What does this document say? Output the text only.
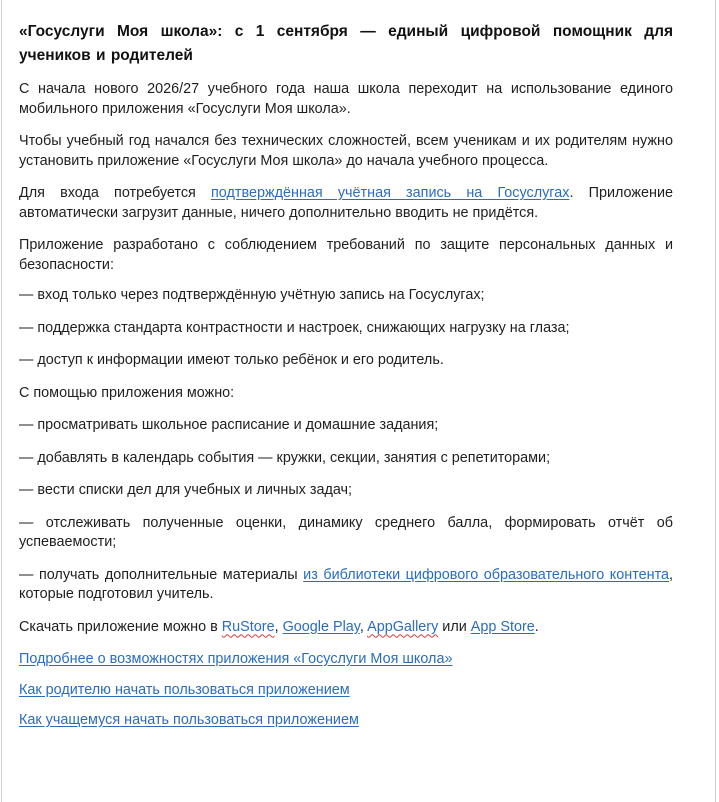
«Госуслуги Моя школа»: с 1 сентября — единый цифровой помощник для учеников и родителей

С начала нового 2026/27 учебного года наша школа переходит на использование единого мобильного приложения «Госуслуги Моя школа».

Чтобы учебный год начался без технических сложностей, всем ученикам и их родителям нужно установить приложение «Госуслуги Моя школа» до начала учебного процесса.

Для входа потребуется подтверждённая учётная запись на Госуслугах. Приложение автоматически загрузит данные, ничего дополнительно вводить не придётся.

Приложение разработано с соблюдением требований по защите персональных данных и безопасности:

— вход только через подтверждённую учётную запись на Госуслугах;

— поддержка стандарта контрастности и настроек, снижающих нагрузку на глаза;

— доступ к информации имеют только ребёнок и его родитель.

С помощью приложения можно:

— просматривать школьное расписание и домашние задания;

— добавлять в календарь события — кружки, секции, занятия с репетиторами;

— вести списки дел для учебных и личных задач;

— отслеживать полученные оценки, динамику среднего балла, формировать отчёт об успеваемости;

— получать дополнительные материалы из библиотеки цифрового образовательного контента, которые подготовил учитель.

Скачать приложение можно в RuStore, Google Play, AppGallery или App Store.

Подробнее о возможностях приложения «Госуслуги Моя школа»

Как родителю начать пользоваться приложением

Как учащемуся начать пользоваться приложением
